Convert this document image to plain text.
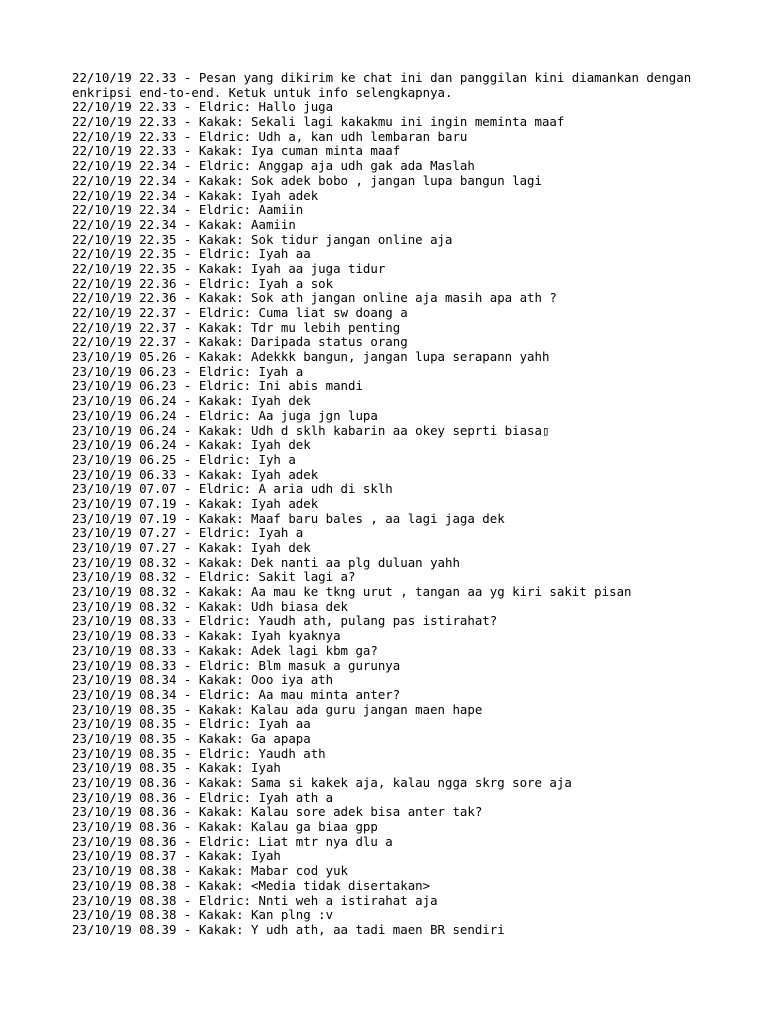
22/10/19 22.33 - Pesan yang dikirim ke chat ini dan panggilan kini diamankan dengan
enkripsi end-to-end. Ketuk untuk info selengkapnya.
22/10/19 22.33 - Eldric: Hallo juga
22/10/19 22.33 - Kakak: Sekali lagi kakakmu ini ingin meminta maaf
22/10/19 22.33 - Eldric: Udh a, kan udh lembaran baru
22/10/19 22.33 - Kakak: Iya cuman minta maaf
22/10/19 22.34 - Eldric: Anggap aja udh gak ada Maslah
22/10/19 22.34 - Kakak: Sok adek bobo , jangan lupa bangun lagi
22/10/19 22.34 - Kakak: Iyah adek
22/10/19 22.34 - Eldric: Aamiin
22/10/19 22.34 - Kakak: Aamiin
22/10/19 22.35 - Kakak: Sok tidur jangan online aja
22/10/19 22.35 - Eldric: Iyah aa
22/10/19 22.35 - Kakak: Iyah aa juga tidur
22/10/19 22.36 - Eldric: Iyah a sok
22/10/19 22.36 - Kakak: Sok ath jangan online aja masih apa ath ?
22/10/19 22.37 - Eldric: Cuma liat sw doang a
22/10/19 22.37 - Kakak: Tdr mu lebih penting
22/10/19 22.37 - Kakak: Daripada status orang
23/10/19 05.26 - Kakak: Adekkk bangun, jangan lupa serapann yahh
23/10/19 06.23 - Eldric: Iyah a
23/10/19 06.23 - Eldric: Ini abis mandi
23/10/19 06.24 - Kakak: Iyah dek
23/10/19 06.24 - Eldric: Aa juga jgn lupa
23/10/19 06.24 - Kakak: Udh d sklh kabarin aa okey seprti biasa▯
23/10/19 06.24 - Kakak: Iyah dek
23/10/19 06.25 - Eldric: Iyh a
23/10/19 06.33 - Kakak: Iyah adek
23/10/19 07.07 - Eldric: A aria udh di sklh
23/10/19 07.19 - Kakak: Iyah adek
23/10/19 07.19 - Kakak: Maaf baru bales , aa lagi jaga dek
23/10/19 07.27 - Eldric: Iyah a
23/10/19 07.27 - Kakak: Iyah dek
23/10/19 08.32 - Kakak: Dek nanti aa plg duluan yahh
23/10/19 08.32 - Eldric: Sakit lagi a?
23/10/19 08.32 - Kakak: Aa mau ke tkng urut , tangan aa yg kiri sakit pisan
23/10/19 08.32 - Kakak: Udh biasa dek
23/10/19 08.33 - Eldric: Yaudh ath, pulang pas istirahat?
23/10/19 08.33 - Kakak: Iyah kyaknya
23/10/19 08.33 - Kakak: Adek lagi kbm ga?
23/10/19 08.33 - Eldric: Blm masuk a gurunya
23/10/19 08.34 - Kakak: Ooo iya ath
23/10/19 08.34 - Eldric: Aa mau minta anter?
23/10/19 08.35 - Kakak: Kalau ada guru jangan maen hape
23/10/19 08.35 - Eldric: Iyah aa
23/10/19 08.35 - Kakak: Ga apapa
23/10/19 08.35 - Eldric: Yaudh ath
23/10/19 08.35 - Kakak: Iyah
23/10/19 08.36 - Kakak: Sama si kakek aja, kalau ngga skrg sore aja
23/10/19 08.36 - Eldric: Iyah ath a
23/10/19 08.36 - Kakak: Kalau sore adek bisa anter tak?
23/10/19 08.36 - Kakak: Kalau ga biaa gpp
23/10/19 08.36 - Eldric: Liat mtr nya dlu a
23/10/19 08.37 - Kakak: Iyah
23/10/19 08.38 - Kakak: Mabar cod yuk
23/10/19 08.38 - Kakak: <Media tidak disertakan>
23/10/19 08.38 - Eldric: Nnti weh a istirahat aja
23/10/19 08.38 - Kakak: Kan plng :v
23/10/19 08.39 - Kakak: Y udh ath, aa tadi maen BR sendiri
